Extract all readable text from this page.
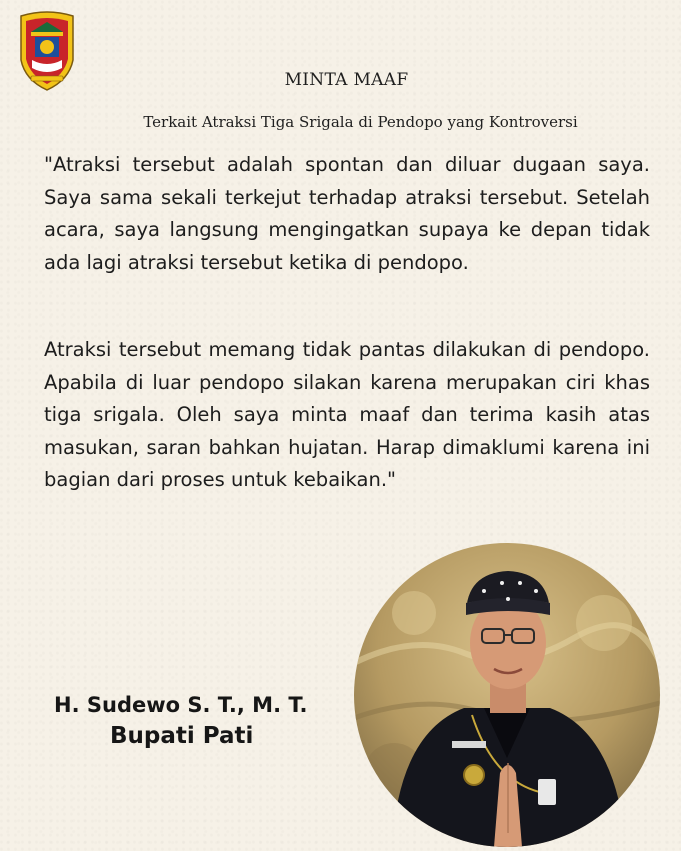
MINTA MAAF
Terkait Atraksi Tiga Srigala di Pendopo yang Kontroversi

"Atraksi tersebut adalah spontan dan diluar dugaan saya. Saya sama sekali terkejut terhadap atraksi tersebut. Setelah acara, saya langsung mengingatkan supaya ke depan tidak ada lagi atraksi tersebut ketika di pendopo.

Atraksi tersebut memang tidak pantas dilakukan di pendopo. Apabila di luar pendopo silakan karena merupakan ciri khas tiga srigala. Oleh saya minta maaf dan terima kasih atas masukan, saran bahkan hujatan. Harap dimaklumi karena ini bagian dari proses untuk kebaikan."

H. Sudewo S. T., M. T.
Bupati Pati
